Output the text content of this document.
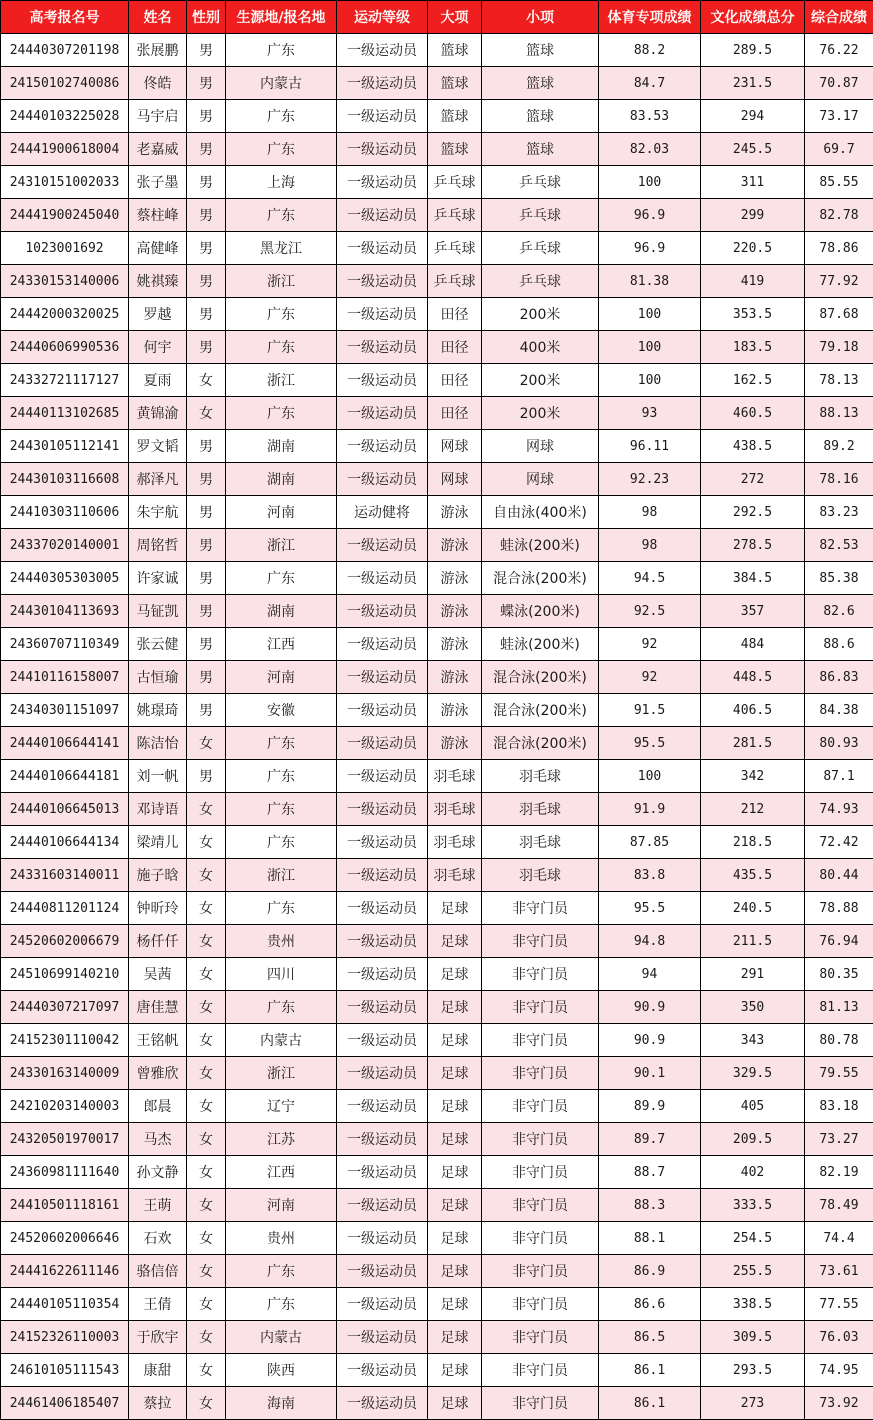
高考报名号	姓名	性别	生源地/报名地	运动等级	大项	小项	体育专项成绩	文化成绩总分	综合成绩
24440307201198	张展鹏	男	广东	一级运动员	篮球	篮球	88.2	289.5	76.22
24150102740086	佟皓	男	内蒙古	一级运动员	篮球	篮球	84.7	231.5	70.87
24440103225028	马宇启	男	广东	一级运动员	篮球	篮球	83.53	294	73.17
24441900618004	老嘉威	男	广东	一级运动员	篮球	篮球	82.03	245.5	69.7
24310151002033	张子墨	男	上海	一级运动员	乒乓球	乒乓球	100	311	85.55
24441900245040	蔡柱峰	男	广东	一级运动员	乒乓球	乒乓球	96.9	299	82.78
1023001692	高健峰	男	黑龙江	一级运动员	乒乓球	乒乓球	96.9	220.5	78.86
24330153140006	姚祺臻	男	浙江	一级运动员	乒乓球	乒乓球	81.38	419	77.92
24442000320025	罗越	男	广东	一级运动员	田径	200米	100	353.5	87.68
24440606990536	何宇	男	广东	一级运动员	田径	400米	100	183.5	79.18
24332721117127	夏雨	女	浙江	一级运动员	田径	200米	100	162.5	78.13
24440113102685	黄锦渝	女	广东	一级运动员	田径	200米	93	460.5	88.13
24430105112141	罗文韬	男	湖南	一级运动员	网球	网球	96.11	438.5	89.2
24430103116608	郝泽凡	男	湖南	一级运动员	网球	网球	92.23	272	78.16
24410303110606	朱宇航	男	河南	运动健将	游泳	自由泳(400米)	98	292.5	83.23
24337020140001	周铭哲	男	浙江	一级运动员	游泳	蛙泳(200米)	98	278.5	82.53
24440305303005	许家诚	男	广东	一级运动员	游泳	混合泳(200米)	94.5	384.5	85.38
24430104113693	马钲凯	男	湖南	一级运动员	游泳	蝶泳(200米)	92.5	357	82.6
24360707110349	张云健	男	江西	一级运动员	游泳	蛙泳(200米)	92	484	88.6
24410116158007	古恒瑜	男	河南	一级运动员	游泳	混合泳(200米)	92	448.5	86.83
24340301151097	姚璟琦	男	安徽	一级运动员	游泳	混合泳(200米)	91.5	406.5	84.38
24440106644141	陈洁怡	女	广东	一级运动员	游泳	混合泳(200米)	95.5	281.5	80.93
24440106644181	刘一帆	男	广东	一级运动员	羽毛球	羽毛球	100	342	87.1
24440106645013	邓诗语	女	广东	一级运动员	羽毛球	羽毛球	91.9	212	74.93
24440106644134	梁靖儿	女	广东	一级运动员	羽毛球	羽毛球	87.85	218.5	72.42
24331603140011	施子晗	女	浙江	一级运动员	羽毛球	羽毛球	83.8	435.5	80.44
24440811201124	钟昕玲	女	广东	一级运动员	足球	非守门员	95.5	240.5	78.88
24520602006679	杨仟仟	女	贵州	一级运动员	足球	非守门员	94.8	211.5	76.94
24510699140210	吴茜	女	四川	一级运动员	足球	非守门员	94	291	80.35
24440307217097	唐佳慧	女	广东	一级运动员	足球	非守门员	90.9	350	81.13
24152301110042	王铭帆	女	内蒙古	一级运动员	足球	非守门员	90.9	343	80.78
24330163140009	曾雅欣	女	浙江	一级运动员	足球	非守门员	90.1	329.5	79.55
24210203140003	郎晨	女	辽宁	一级运动员	足球	非守门员	89.9	405	83.18
24320501970017	马杰	女	江苏	一级运动员	足球	非守门员	89.7	209.5	73.27
24360981111640	孙文静	女	江西	一级运动员	足球	非守门员	88.7	402	82.19
24410501118161	王萌	女	河南	一级运动员	足球	非守门员	88.3	333.5	78.49
24520602006646	石欢	女	贵州	一级运动员	足球	非守门员	88.1	254.5	74.4
24441622611146	骆信倍	女	广东	一级运动员	足球	非守门员	86.9	255.5	73.61
24440105110354	王倩	女	广东	一级运动员	足球	非守门员	86.6	338.5	77.55
24152326110003	于欣宇	女	内蒙古	一级运动员	足球	非守门员	86.5	309.5	76.03
24610105111543	康甜	女	陕西	一级运动员	足球	非守门员	86.1	293.5	74.95
24461406185407	蔡拉	女	海南	一级运动员	足球	非守门员	86.1	273	73.92
